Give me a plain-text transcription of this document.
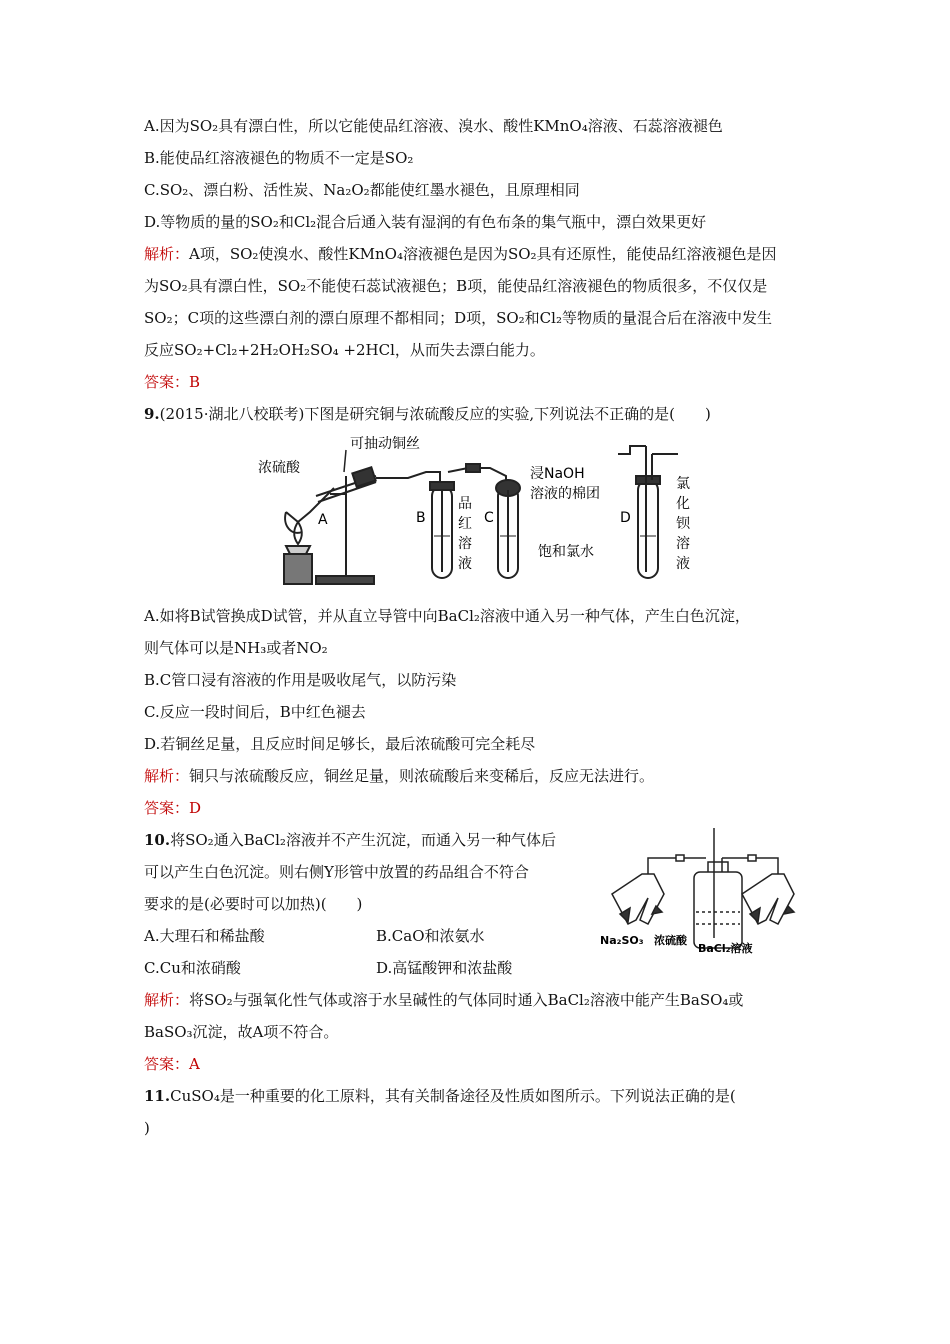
A.因为SO₂具有漂白性，所以它能使品红溶液、溴水、酸性KMnO₄溶液、石蕊溶液褪色
B.能使品红溶液褪色的物质不一定是SO₂
C.SO₂、漂白粉、活性炭、Na₂O₂都能使红墨水褪色，且原理相同
D.等物质的量的SO₂和Cl₂混合后通入装有湿润的有色布条的集气瓶中，漂白效果更好
解析：A项，SO₂使溴水、酸性KMnO₄溶液褪色是因为SO₂具有还原性，能使品红溶液褪色是因
为SO₂具有漂白性，SO₂不能使石蕊试液褪色；B项，能使品红溶液褪色的物质很多，不仅仅是
SO₂；C项的这些漂白剂的漂白原理不都相同；D项，SO₂和Cl₂等物质的量混合后在溶液中发生
反应SO₂+Cl₂+2H₂OH₂SO₄ +2HCl，从而失去漂白能力。
答案：B
9.(2015·湖北八校联考)下图是研究铜与浓硫酸反应的实验,下列说法不正确的是(　　)
可抽动铜丝
浓硫酸
A	B
品
红
溶
液
C
浸NaOH
溶液的棉团
饱和氯水
D
氯
化
钡
溶
液
A.如将B试管换成D试管，并从直立导管中向BaCl₂溶液中通入另一种气体，产生白色沉淀，
则气体可以是NH₃或者NO₂
B.C管口浸有溶液的作用是吸收尾气，以防污染
C.反应一段时间后，B中红色褪去
D.若铜丝足量，且反应时间足够长，最后浓硫酸可完全耗尽
解析：铜只与浓硫酸反应，铜丝足量，则浓硫酸后来变稀后，反应无法进行。
答案：D
10.将SO₂通入BaCl₂溶液并不产生沉淀，而通入另一种气体后
可以产生白色沉淀。则右侧Y形管中放置的药品组合不符合
要求的是(必要时可以加热)(　　)
A.大理石和稀盐酸	B.CaO和浓氨水
C.Cu和浓硝酸	D.高锰酸钾和浓盐酸
Na₂SO₃ 浓硫酸
BaCl₂溶液
解析：将SO₂与强氧化性气体或溶于水呈碱性的气体同时通入BaCl₂溶液中能产生BaSO₄或
BaSO₃沉淀，故A项不符合。
答案：A
11.CuSO₄是一种重要的化工原料，其有关制备途径及性质如图所示。下列说法正确的是(
)
